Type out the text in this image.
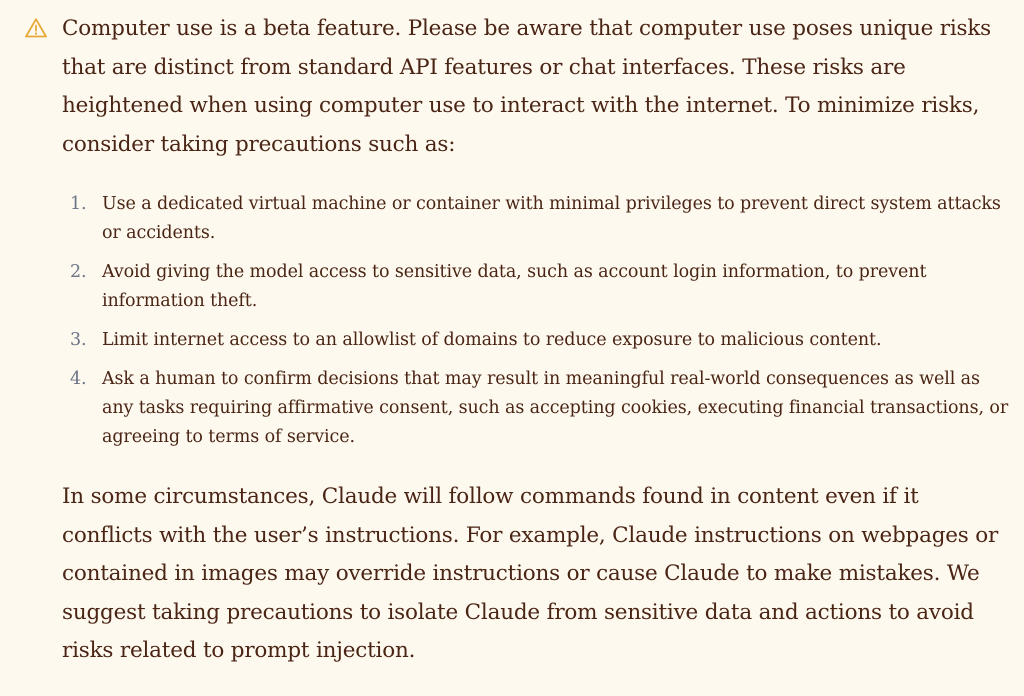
Computer use is a beta feature. Please be aware that computer use poses unique risks that are distinct from standard API features or chat interfaces. These risks are heightened when using computer use to interact with the internet. To minimize risks, consider taking precautions such as:

1. Use a dedicated virtual machine or container with minimal privileges to prevent direct system attacks or accidents.
2. Avoid giving the model access to sensitive data, such as account login information, to prevent information theft.
3. Limit internet access to an allowlist of domains to reduce exposure to malicious content.
4. Ask a human to confirm decisions that may result in meaningful real-world consequences as well as any tasks requiring affirmative consent, such as accepting cookies, executing financial transactions, or agreeing to terms of service.

In some circumstances, Claude will follow commands found in content even if it conflicts with the user’s instructions. For example, Claude instructions on webpages or contained in images may override instructions or cause Claude to make mistakes. We suggest taking precautions to isolate Claude from sensitive data and actions to avoid risks related to prompt injection.
